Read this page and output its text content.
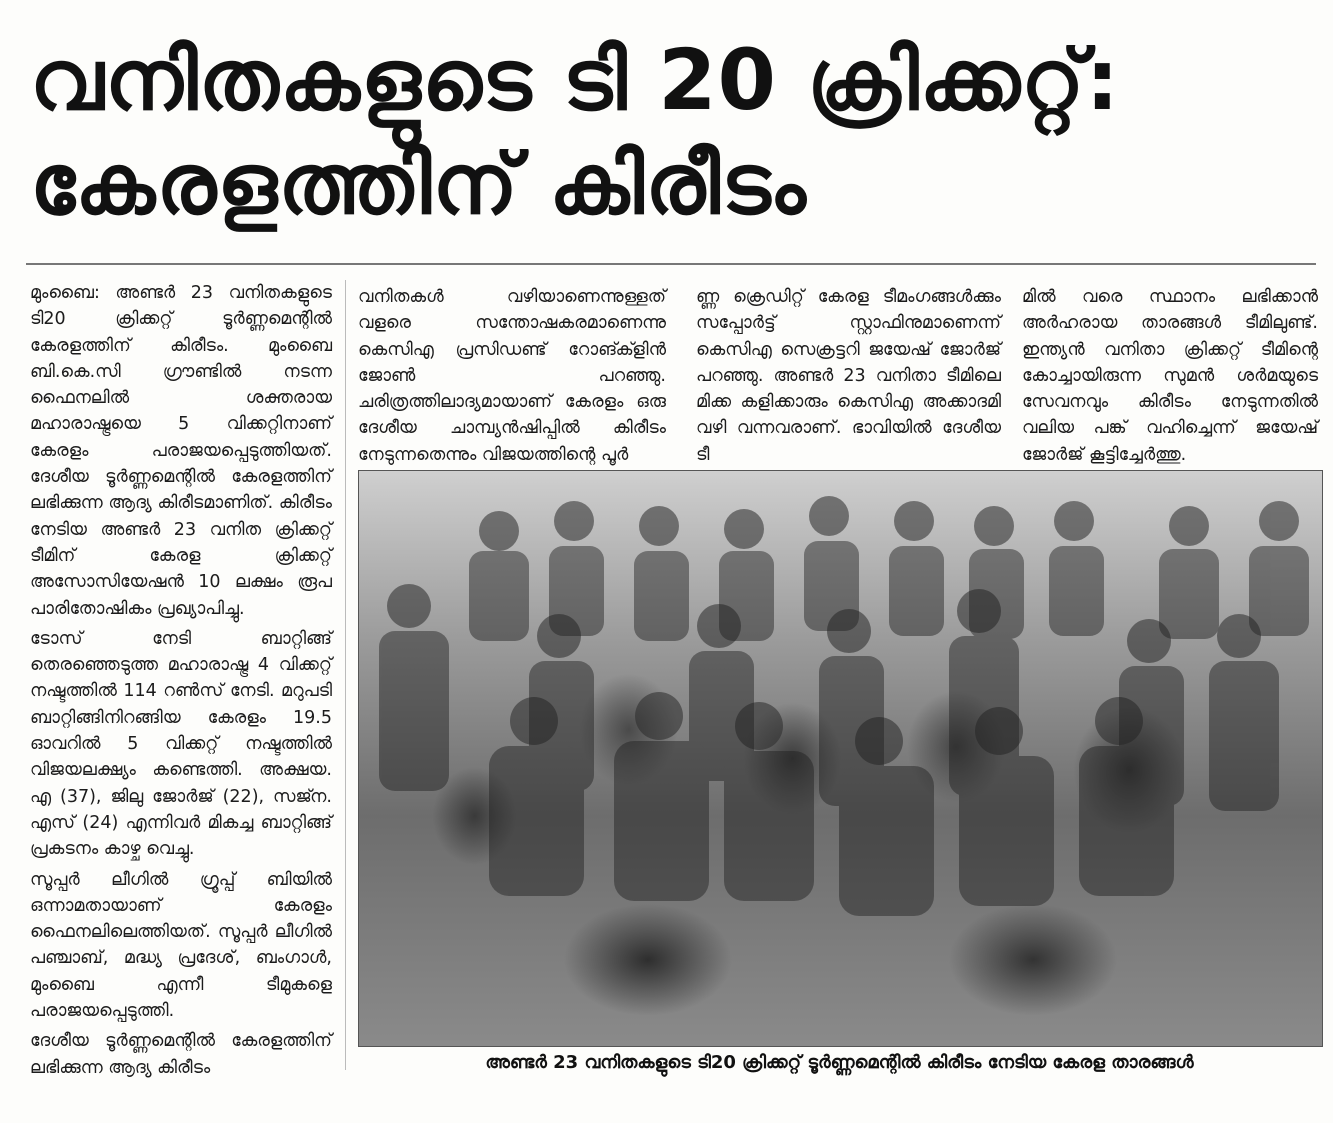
വനിതകളുടെ ടി 20 ക്രിക്കറ്റ്:
കേരളത്തിന് കിരീടം

മുംബൈ: അണ്ടർ 23 വനിതകളുടെ ടി20 ക്രിക്കറ്റ് ടൂർണ്ണമെന്റിൽ കേരളത്തിന് കിരീടം. മുംബൈ ബി.കെ.സി ഗ്രൗണ്ടിൽ നടന്ന ഫൈനലിൽ ശക്തരായ മഹാരാഷ്ട്രയെ 5 വിക്കറ്റിനാണ് കേരളം പരാജയപ്പെടുത്തിയത്. ദേശീയ ടൂർണ്ണമെന്റിൽ കേരളത്തിന് ലഭിക്കുന്ന ആദ്യ കിരീടമാണിത്. കിരീടം നേടിയ അണ്ടർ 23 വനിത ക്രിക്കറ്റ് ടീമിന് കേരള ക്രിക്കറ്റ് അസോസിയേഷൻ 10 ലക്ഷം രൂപ പാരിതോഷികം പ്രഖ്യാപിച്ചു.

ടോസ് നേടി ബാറ്റിങ്ങ് തെരഞ്ഞെടുത്ത മഹാരാഷ്ട്ര 4 വിക്കറ്റ് നഷ്ടത്തിൽ 114 റൺസ് നേടി. മറുപടി ബാറ്റിങ്ങിനിറങ്ങിയ കേരളം 19.5 ഓവറിൽ 5 വിക്കറ്റ് നഷ്ടത്തിൽ വിജയലക്ഷ്യം കണ്ടെത്തി. അക്ഷയ. എ (37), ജിലു ജോർജ് (22), സജ്ന. എസ് (24) എന്നിവർ മികച്ച ബാറ്റിങ്ങ് പ്രകടനം കാഴ്ച വെച്ചു.

സൂപ്പർ ലീഗിൽ ഗ്രൂപ്പ് ബിയിൽ ഒന്നാമതായാണ് കേരളം ഫൈനലിലെത്തിയത്. സൂപ്പർ ലീഗിൽ പഞ്ചാബ്, മദ്ധ്യ പ്രദേശ്, ബംഗാൾ, മുംബൈ എന്നീ ടീമുകളെ പരാജയപ്പെടുത്തി.

ദേശീയ ടൂർണ്ണമെന്റിൽ കേരളത്തിന് ലഭിക്കുന്ന ആദ്യ കിരീടം

വനിതകൾ വഴിയാണെന്നുള്ളത് വളരെ സന്തോഷകരമാണെന്നു കെസിഎ പ്രസിഡണ്ട് റോങ്ക്ളിൻ ജോൺ പറഞ്ഞു. ചരിത്രത്തിലാദ്യമായാണ് കേരളം ഒരു ദേശീയ ചാമ്പ്യൻഷിപ്പിൽ കിരീടം നേടുന്നതെന്നും വിജയത്തിന്റെ പൂർ

ണ്ണ ക്രെഡിറ്റ് കേരള ടീമംഗങ്ങൾക്കും സപ്പോർട്ട് സ്റ്റാഫിനുമാണെന്ന് കെസിഎ സെക്രട്ടറി ജയേഷ് ജോർജ് പറഞ്ഞു. അണ്ടർ 23 വനിതാ ടീമിലെ മിക്ക കളിക്കാരും കെസിഎ അക്കാദമി വഴി വന്നവരാണ്. ഭാവിയിൽ ദേശീയ ടീ

മിൽ വരെ സ്ഥാനം ലഭിക്കാൻ അർഹരായ താരങ്ങൾ ടീമിലുണ്ട്. ഇന്ത്യൻ വനിതാ ക്രിക്കറ്റ് ടീമിന്റെ കോച്ചായിരുന്ന സുമൻ ശർമയുടെ സേവനവും കിരീടം നേടുന്നതിൽ വലിയ പങ്ക് വഹിച്ചെന്ന് ജയേഷ് ജോർജ് കൂട്ടിച്ചേർത്തു.

അണ്ടർ 23 വനിതകളുടെ ടി20 ക്രിക്കറ്റ് ടൂർണ്ണമെന്റിൽ കിരീടം നേടിയ കേരള താരങ്ങൾ
